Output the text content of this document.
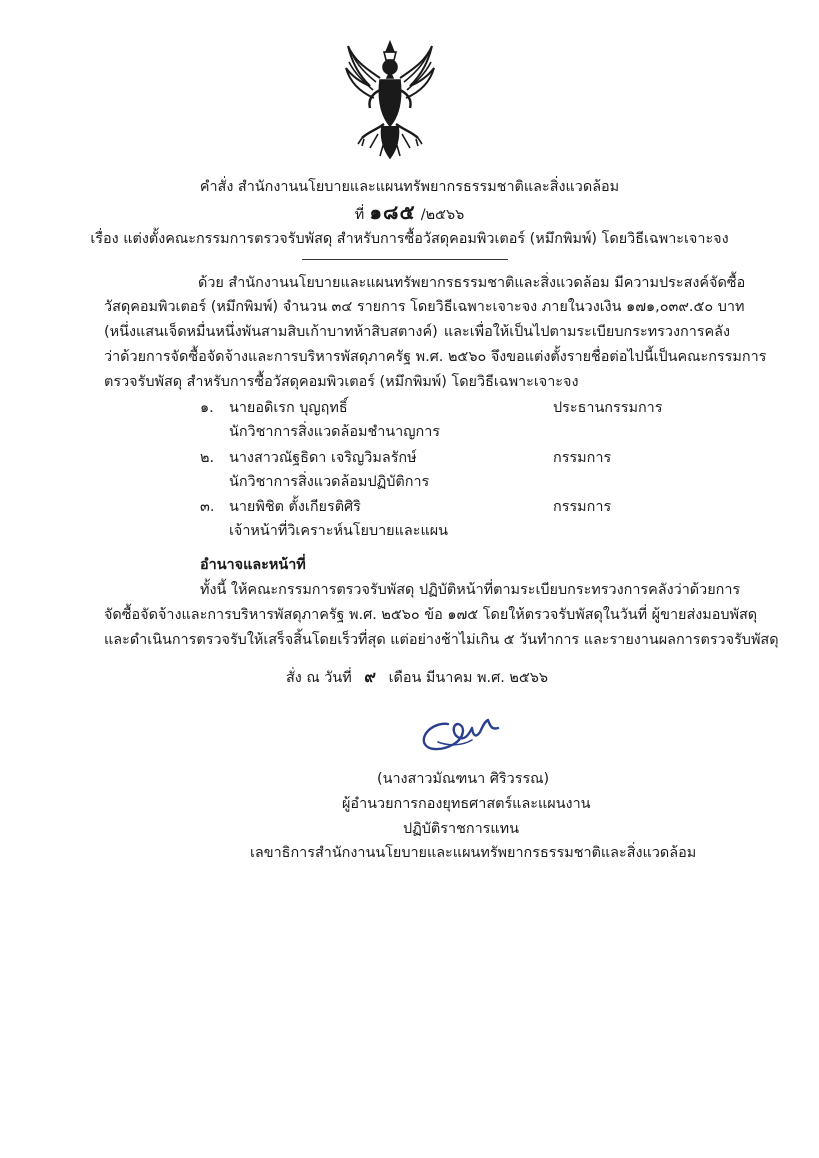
คำสั่ง สำนักงานนโยบายและแผนทรัพยากรธรรมชาติและสิ่งแวดล้อม
ที่ ๑๘๕ /๒๕๖๖
เรื่อง แต่งตั้งคณะกรรมการตรวจรับพัสดุ สำหรับการซื้อวัสดุคอมพิวเตอร์ (หมึกพิมพ์) โดยวิธีเฉพาะเจาะจง
ด้วย สำนักงานนโยบายและแผนทรัพยากรธรรมชาติและสิ่งแวดล้อม มีความประสงค์จัดซื้อ
วัสดุคอมพิวเตอร์ (หมึกพิมพ์) จำนวน ๓๔ รายการ โดยวิธีเฉพาะเจาะจง ภายในวงเงิน ๑๗๑,๐๓๙.๕๐ บาท
(หนึ่งแสนเจ็ดหมื่นหนึ่งพันสามสิบเก้าบาทห้าสิบสตางค์) และเพื่อให้เป็นไปตามระเบียบกระทรวงการคลัง
ว่าด้วยการจัดซื้อจัดจ้างและการบริหารพัสดุภาครัฐ พ.ศ. ๒๕๖๐ จึงขอแต่งตั้งรายชื่อต่อไปนี้เป็นคณะกรรมการ
ตรวจรับพัสดุ สำหรับการซื้อวัสดุคอมพิวเตอร์ (หมึกพิมพ์) โดยวิธีเฉพาะเจาะจง
๑. นายอดิเรก บุญฤทธิ์	ประธานกรรมการ
นักวิชาการสิ่งแวดล้อมชำนาญการ
๒. นางสาวณัฐธิดา เจริญวิมลรักษ์	กรรมการ
นักวิชาการสิ่งแวดล้อมปฏิบัติการ
๓. นายพิชิต ตั้งเกียรติศิริ	กรรมการ
เจ้าหน้าที่วิเคราะห์นโยบายและแผน
อำนาจและหน้าที่
ทั้งนี้ ให้คณะกรรมการตรวจรับพัสดุ ปฏิบัติหน้าที่ตามระเบียบกระทรวงการคลังว่าด้วยการ
จัดซื้อจัดจ้างและการบริหารพัสดุภาครัฐ พ.ศ. ๒๕๖๐ ข้อ ๑๗๕ โดยให้ตรวจรับพัสดุในวันที่ ผู้ขายส่งมอบพัสดุ
และดำเนินการตรวจรับให้เสร็จสิ้นโดยเร็วที่สุด แต่อย่างช้าไม่เกิน ๕ วันทำการ และรายงานผลการตรวจรับพัสดุ
สั่ง ณ วันที่ ๙ เดือน มีนาคม พ.ศ. ๒๕๖๖
(นางสาวมัณฑนา ศิริวรรณ)
ผู้อำนวยการกองยุทธศาสตร์และแผนงาน
ปฏิบัติราชการแทน
เลขาธิการสำนักงานนโยบายและแผนทรัพยากรธรรมชาติและสิ่งแวดล้อม
